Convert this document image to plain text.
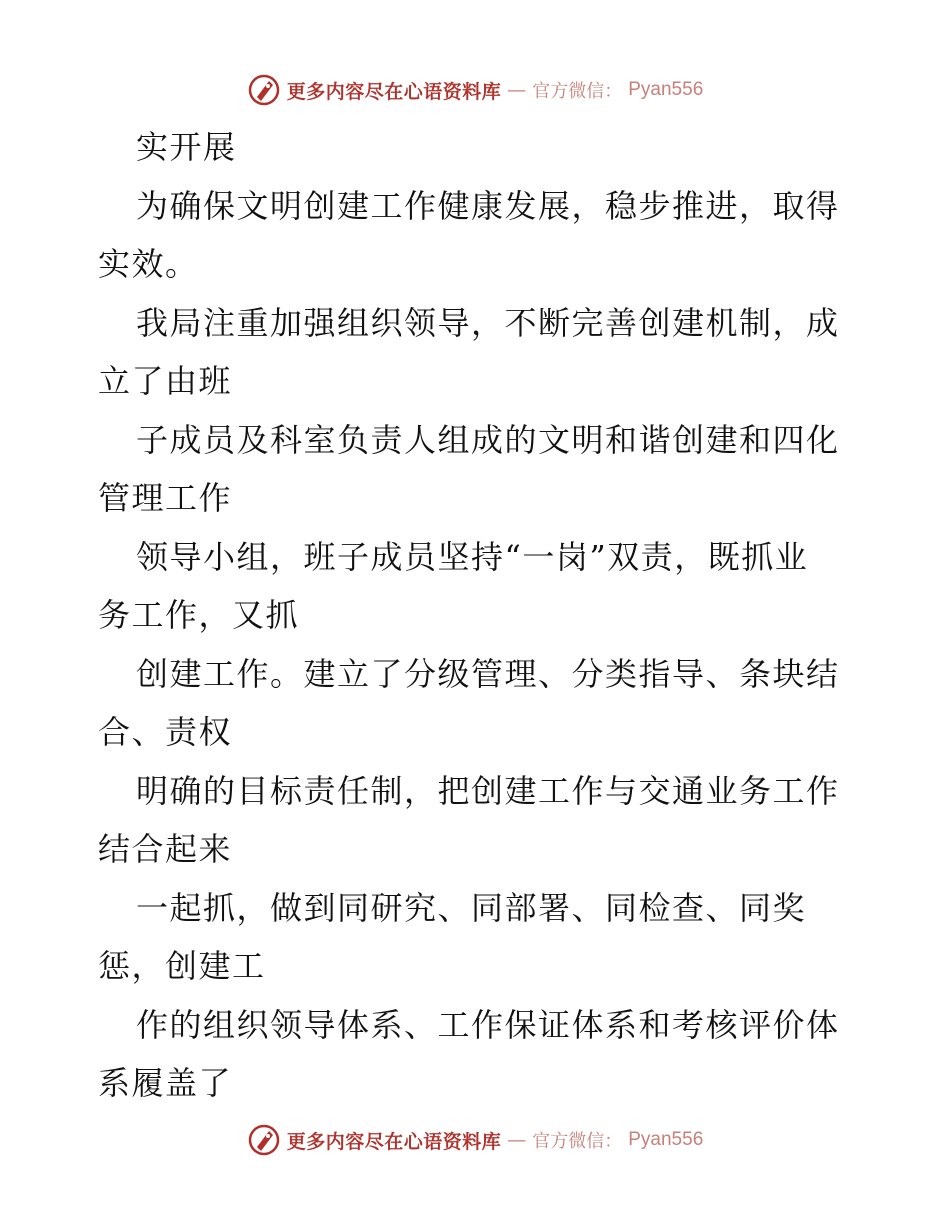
更多内容尽在心语资料库 — 官方微信： Pyan556

实开展

为确保文明创建工作健康发展，稳步推进，取得

实效。

我局注重加强组织领导，不断完善创建机制，成

立了由班

子成员及科室负责人组成的文明和谐创建和四化

管理工作

领导小组，班子成员坚持“一岗”双责，既抓业

务工作，又抓

创建工作。建立了分级管理、分类指导、条块结

合、责权

明确的目标责任制，把创建工作与交通业务工作

结合起来

一起抓，做到同研究、同部署、同检查、同奖

惩，创建工

作的组织领导体系、工作保证体系和考核评价体

系履盖了

更多内容尽在心语资料库 — 官方微信： Pyan556
